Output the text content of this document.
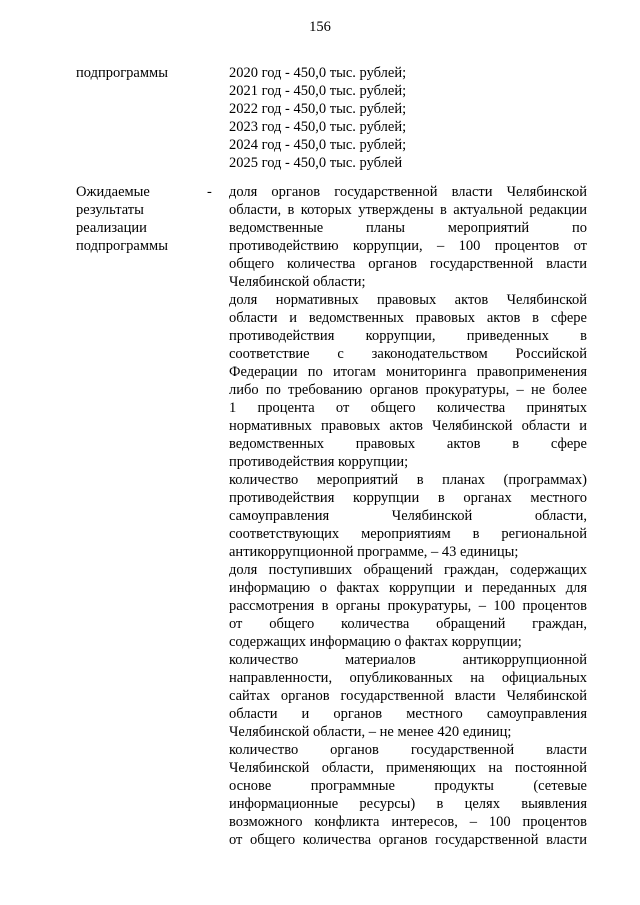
156
подпрограммы	2020 год - 450,0 тыс. рублей;
2021 год - 450,0 тыс. рублей;
2022 год - 450,0 тыс. рублей;
2023 год - 450,0 тыс. рублей;
2024 год - 450,0 тыс. рублей;
2025 год - 450,0 тыс. рублей
Ожидаемые
результаты
реализации
подпрограммы
- доля органов государственной власти Челябинской
области, в которых утверждены в актуальной редакции
ведомственные планы мероприятий по
противодействию коррупции, – 100 процентов от
общего количества органов государственной власти
Челябинской области;
доля нормативных правовых актов Челябинской
области и ведомственных правовых актов в сфере
противодействия коррупции, приведенных в
соответствие с законодательством Российской
Федерации по итогам мониторинга правоприменения
либо по требованию органов прокуратуры, – не более
1 процента от общего количества принятых
нормативных правовых актов Челябинской области и
ведомственных правовых актов в сфере
противодействия коррупции;
количество мероприятий в планах (программах)
противодействия коррупции в органах местного
самоуправления Челябинской области,
соответствующих мероприятиям в региональной
антикоррупционной программе, – 43 единицы;
доля поступивших обращений граждан, содержащих
информацию о фактах коррупции и переданных для
рассмотрения в органы прокуратуры, – 100 процентов
от общего количества обращений граждан,
содержащих информацию о фактах коррупции;
количество материалов антикоррупционной
направленности, опубликованных на официальных
сайтах органов государственной власти Челябинской
области и органов местного самоуправления
Челябинской области, – не менее 420 единиц;
количество органов государственной власти
Челябинской области, применяющих на постоянной
основе программные продукты (сетевые
информационные ресурсы) в целях выявления
возможного конфликта интересов, – 100 процентов
от общего количества органов государственной власти
